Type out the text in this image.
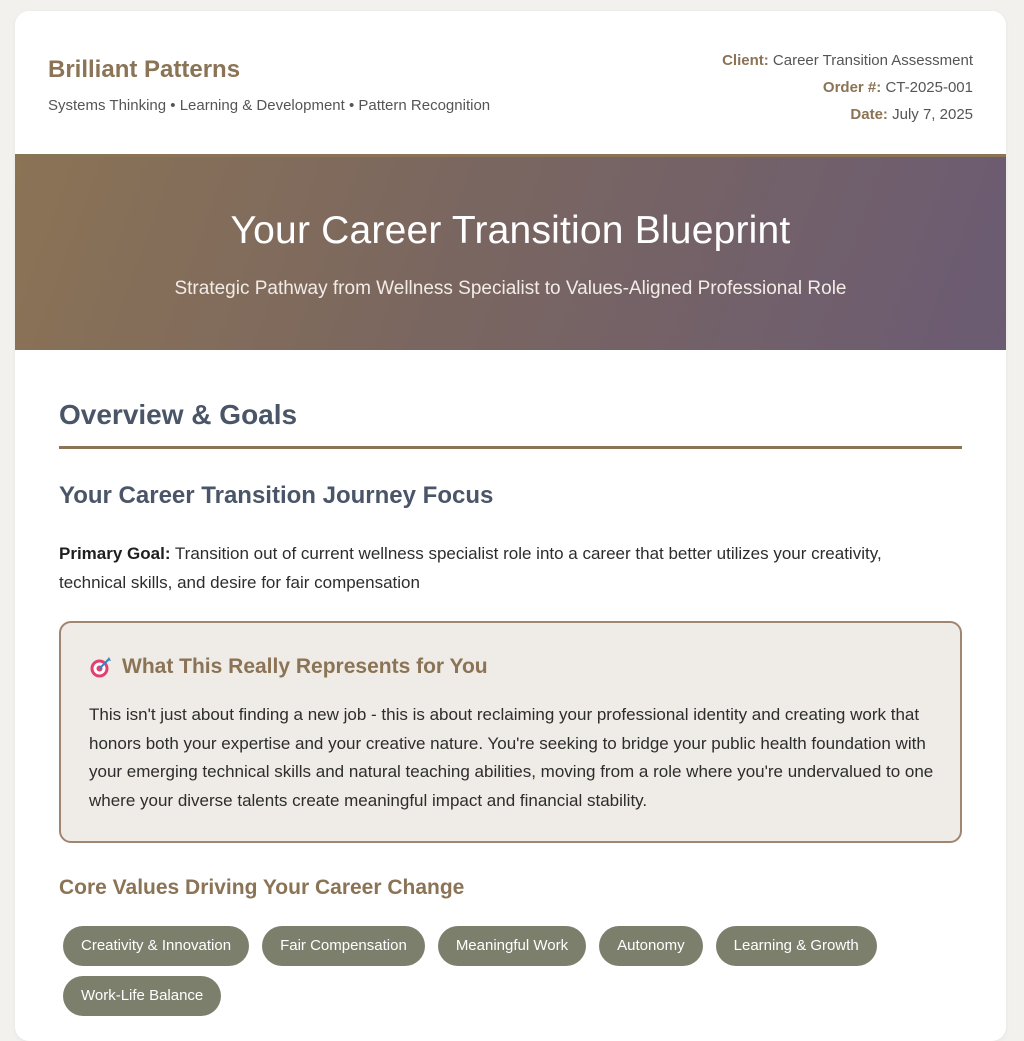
Brilliant Patterns
Systems Thinking • Learning & Development • Pattern Recognition
Client: Career Transition Assessment
Order #: CT-2025-001
Date: July 7, 2025
Your Career Transition Blueprint
Strategic Pathway from Wellness Specialist to Values-Aligned Professional Role
Overview & Goals
Your Career Transition Journey Focus

Primary Goal: Transition out of current wellness specialist role into a career that better utilizes your creativity, technical skills, and desire for fair compensation

What This Really Represents for You

This isn't just about finding a new job - this is about reclaiming your professional identity and creating work that honors both your expertise and your creative nature. You're seeking to bridge your public health foundation with your emerging technical skills and natural teaching abilities, moving from a role where you're undervalued to one where your diverse talents create meaningful impact and financial stability.

Core Values Driving Your Career Change
Creativity & Innovation	Fair Compensation	Meaningful Work	Autonomy	Learning & Growth
Work-Life Balance
